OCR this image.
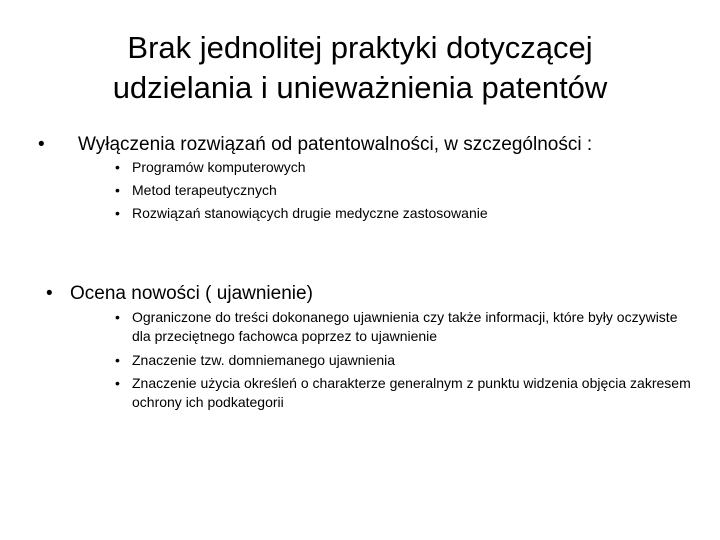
Brak jednolitej praktyki dotyczącej
udzielania i unieważnienia patentów
• Wyłączenia rozwiązań od patentowalności, w szczególności :
• Programów komputerowych
• Metod terapeutycznych
• Rozwiązań stanowiących drugie medyczne zastosowanie
• Ocena nowości ( ujawnienie)
• Ograniczone do treści dokonanego ujawnienia czy także informacji, które były oczywiste dla przeciętnego fachowca poprzez to ujawnienie
• Znaczenie tzw. domniemanego ujawnienia
• Znaczenie użycia określeń o charakterze generalnym z punktu widzenia objęcia zakresem ochrony ich podkategorii
